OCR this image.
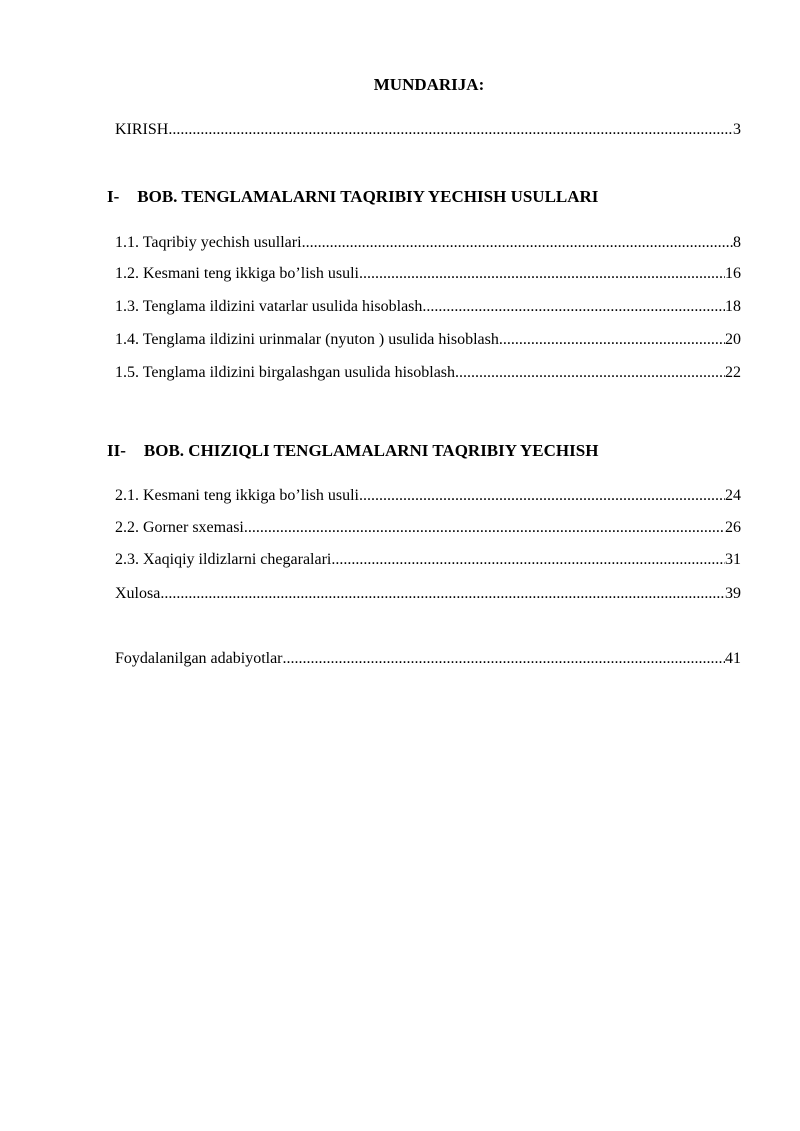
MUNDARIJA:
KIRISH .....	3
I- BOB. TENGLAMALARNI TAQRIBIY YECHISH USULLARI
1.1. Taqribiy yechish usullari .....	8
1.2. Kesmani teng ikkiga bo’lish usuli .....	16
1.3. Tenglama ildizini vatarlar usulida hisoblash .....	18
1.4. Tenglama ildizini urinmalar (nyuton ) usulida hisoblash .....	20
1.5. Tenglama ildizini birgalashgan usulida hisoblash .....	22
II- BOB. CHIZIQLI TENGLAMALARNI TAQRIBIY YECHISH
2.1. Kesmani teng ikkiga bo’lish usuli .....	24
2.2. Gorner sxemasi .....	26
2.3. Xaqiqiy ildizlarni chegaralari .....	31
Xulosa .....	39
Foydalanilgan adabiyotlar .....	41
